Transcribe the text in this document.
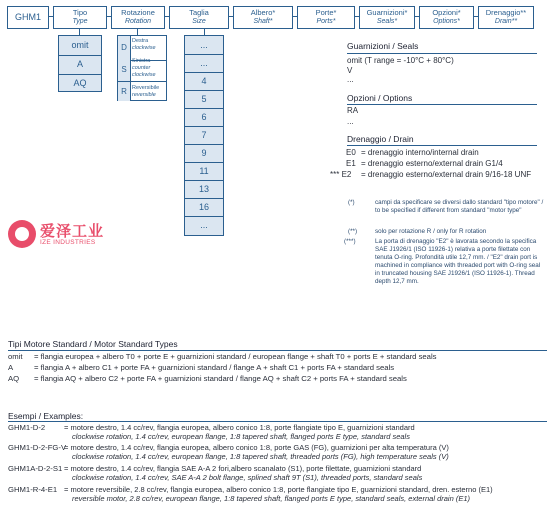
GHM1	Tipo
Type
Rotazione
Rotation
Taglia
Size
Albero*
Shaft*
Porte*
Ports*
Guarnizioni*
Seals*
Opzioni*
Options*
Drenaggio**
Drain**
omit
A
AQ
D
Destra
clockwise
S
Sinistra
counter
clockwise
R Reversibile
reversible
...
...
4
5
6
7
9
11
13
16
...
爱泽工业
IZE INDUSTRIES
Guarnizioni / Seals
omit (T range = -10°C + 80°C)
V
...
Opzioni / Options
RA
...
Drenaggio / Drain
E0 = drenaggio interno/internal drain
E1 = drenaggio esterno/external drain G1/4
*** E2 = drenaggio esterno/external drain 9/16-18 UNF
(*)	campi da specificare se diversi dallo standard "tipo motore" / to be specified if different from standard "motor type"
(**)	solo per rotazione R / only for R rotation
(***)	La porta di drenaggio "E2" è lavorata secondo la specifica SAE J1926/1 (ISO 11926-1) relativa a porte filettate con tenuta O-ring. Profondità utile 12,7 mm. / "E2" drain port is machined in compliance with threaded port with O-ring seal in truncated housing SAE J1926/1 (ISO 11926-1). Thread depth 12,7 mm.
Tipi Motore Standard / Motor Standard Types
omit = flangia europea + albero T0 + porte E + guarnizioni standard / european flange + shaft T0 + ports E + standard seals
A	= flangia A + albero C1 + porte FA + guarnizioni standard / flange A + shaft C1 + ports FA + standard seals
AQ = flangia AQ + albero C2 + porte FA + guarnizioni standard / flange AQ + shaft C2 + ports FA + standard seals
Esempi / Examples:
GHM1-D-2	= motore destro, 1.4 cc/rev, flangia europea, albero conico 1:8, porte flangiate tipo E, guarnizioni standard
clockwise rotation, 1.4 cc/rev, european flange, 1:8 tapered shaft, flanged ports E type, standard seals
GHM1-D-2-FG-V
= motore destro, 1.4 cc/rev, flangia europea, albero conico 1:8, porte GAS (FG), guarnizioni per alta temperatura (V)
clockwise rotation, 1.4 cc/rev, european flange, 1:8 tapered shaft, threaded ports (FG), high temperature seals (V)
GHM1A-D-2-S1 = motore destro, 1.4 cc/rev, flangia SAE A-A 2 fori,albero scanalato (S1), porte filettate, guarnizioni standard
clockwise rotation, 1.4 cc/rev, SAE A-A 2 bolt flange, splined shaft 9T (S1), threaded ports, standard seals
GHM1-R-4-E1 = motore reversibile, 2.8 cc/rev, flangia europea, albero conico 1:8, porte flangiate tipo E, guarnizioni standard, dren. esterno (E1)
reversible motor, 2.8 cc/rev, european flange, 1:8 tapered shaft, flanged ports E type, standard seals, external drain (E1)
